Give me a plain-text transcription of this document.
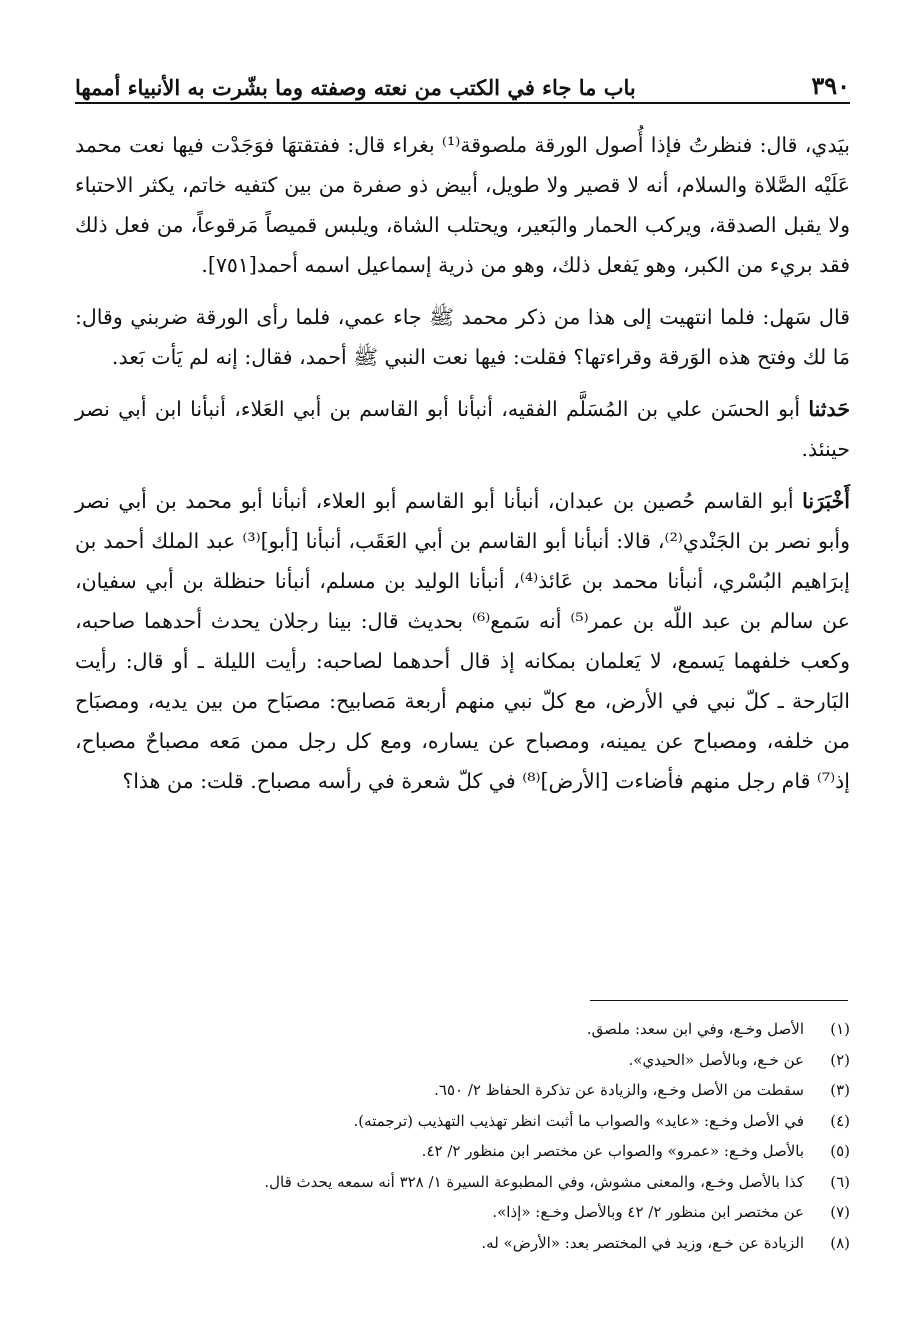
٣٩٠
باب ما جاء في الكتب من نعته وصفته وما بشّرت به الأنبياء أممها

بيَدي، قال: فنظرتُ فإذا أُصول الورقة ملصوقة⁽¹⁾ بغراء قال: ففتقتهَا فوَجَدْت فيها نعت محمد عَلَيْه الصَّلاة والسلام، أنه لا قصير ولا طويل، أبيض ذو صفرة من بين كتفيه خاتم، يكثر الاحتباء ولا يقبل الصدقة، ويركب الحمار والبَعير، ويحتلب الشاة، ويلبس قميصاً مَرقوعاً، من فعل ذلك فقد بريء من الكبر، وهو يَفعل ذلك، وهو من ذرية إسماعيل اسمه أحمد[٧٥١].

قال سَهل: فلما انتهيت إلى هذا من ذكر محمد ﷺ جاء عمي، فلما رأى الورقة ضربني وقال: مَا لك وفتح هذه الوَرقة وقراءتها؟ فقلت: فيها نعت النبي ﷺ أحمد، فقال: إنه لم يَأت بَعد.

حَدثنا أبو الحسَن علي بن المُسَلَّم الفقيه، أنبأنا أبو القاسم بن أبي العَلاء، أنبأنا ابن أبي نصر حينئذ.

أَخْبَرَنا أبو القاسم حُصين بن عبدان، أنبأنا أبو القاسم أبو العلاء، أنبأنا أبو محمد بن أبي نصر وأبو نصر بن الجَنْدي⁽²⁾، قالا: أنبأنا أبو القاسم بن أبي العَقَب، أنبأنا [أبو]⁽³⁾ عبد الملك أحمد بن إبرَاهيم البُسْري، أنبأنا محمد بن عَائذ⁽⁴⁾، أنبأنا الوليد بن مسلم، أنبأنا حنظلة بن أبي سفيان، عن سالم بن عبد اللّه بن عمر⁽⁵⁾ أنه سَمع⁽⁶⁾ بحديث قال: بينا رجلان يحدث أحدهما صاحبه، وكعب خلفهما يَسمع، لا يَعلمان بمكانه إذ قال أحدهما لصاحبه: رأيت الليلة ـ أو قال: رأيت البَارحة ـ كلّ نبي في الأرض، مع كلّ نبي منهم أربعة مَصابيح: مصبَاح من بين يديه، ومصبَاح من خلفه، ومصباح عن يمينه، ومصباح عن يساره، ومع كل رجل ممن مَعه مصباحٌ مصباح، إذ⁽⁷⁾ قام رجل منهم فأضاءت [الأرض]⁽⁸⁾ في كلّ شعرة في رأسه مصباح. قلت: من هذا؟

(١)
الأصل وخـع، وفي ابن سعد: ملصق.
(٢)
عن خـع، وبالأصل «الحيدي».
(٣)
سقطت من الأصل وخـع، والزيادة عن تذكرة الحفاظ ٢/ ٦٥٠.
(٤)
في الأصل وخـع: «عايد» والصواب ما أثبت انظر تهذيب التهذيب (ترجمته).
(٥)
بالأصل وخـع: «عمرو» والصواب عن مختصر ابن منظور ٢/ ٤٢.
(٦)
كذا بالأصل وخـع، والمعنى مشوش، وفي المطبوعة السيرة ١/ ٣٢٨ أنه سمعه يحدث قال.
(٧)
عن مختصر ابن منظور ٢/ ٤٢ وبالأصل وخـع: «إذا».
(٨)
الزيادة عن خـع، وزيد في المختصر بعد: «الأرض» له.
